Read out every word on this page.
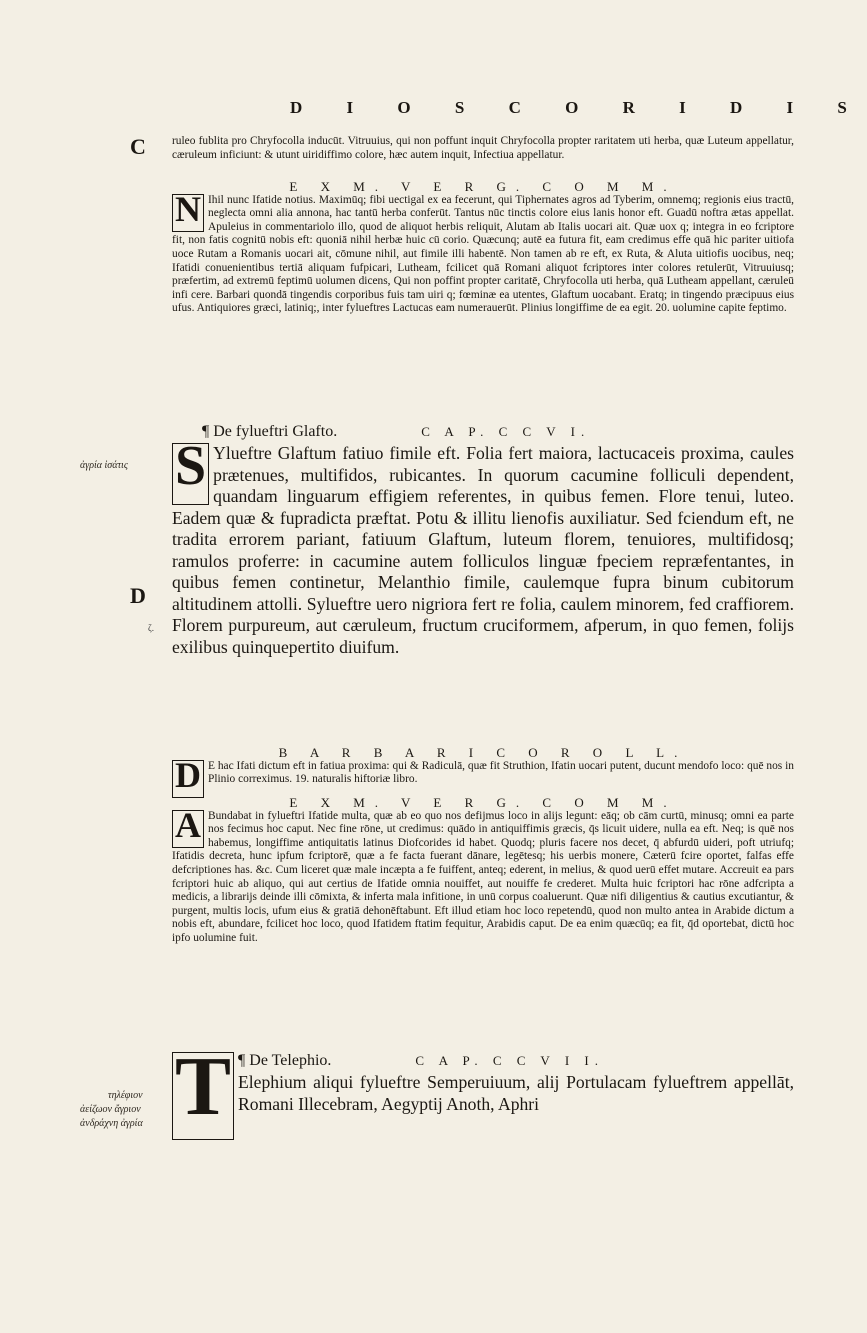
D I O S C O R I D I S
C
D
ἀγρία ἰσάτις
ζ.
τηλέφιον
ἀείζωον ἄγριον
ἀνδράχνη ἀγρία

ruleo fublita pro Chryfocolla inducūt. Vitruuius, qui non poffunt inquit Chryfocolla propter raritatem uti herba, quæ Luteum appellatur, cæruleum inficiunt: & utunt uiridiffimo colore, hæc autem inquit, Infectiua appellatur.

E X M. V E R G. C O M M.
N Ihil nunc Ifatide notius. Maximūq; fibi uectigal ex ea fecerunt, qui Tiphernates agros ad Tyberim, omnemq; regionis eius tractū, neglecta omni alia annona, hac tantū herba conferūt. Tantus nūc tinctis colore eius lanis honor eft. Guadū noftra ætas appellat. Apuleius in commentariolo illo, quod de aliquot herbis reliquit, Alutam ab Italis uocari ait. Quæ uox q; integra in eo fcriptore fit, non fatis cognitū nobis eft: quoniā nihil herbæ huic cū corio. Quæcunq; autē ea futura fit, eam credimus effe quā hic pariter uitiofa uoce Rutam a Romanis uocari ait, cōmune nihil, aut fimile illi habentē. Non tamen ab re eft, ex Ruta, & Aluta uitiofis uocibus, neq; Ifatidi conuenientibus tertiā aliquam fufpicari, Lutheam, fcilicet quā Romani aliquot fcriptores inter colores retulerūt, Vitruuiusq; præfertim, ad extremū feptimū uolumen dicens, Qui non poffint propter caritatē, Chryfocolla uti herba, quā Lutheam appellant, cæruleū infi cere. Barbari quondā tingendis corporibus fuis tam uiri q; fœminæ ea utentes, Glaftum uocabant. Eratq; in tingendo præcipuus eius ufus. Antiquiores græci, latiniq;, inter fylueftres Lactucas eam numerauerūt. Plinius longiffime de ea egit. 20. uolumine capite feptimo.

¶ De fylueftri Glafto.	C A P. C C V I.
S Ylueftre Glaftum fatiuo fimile eft. Folia fert maiora, lactucaceis proxima, caules prætenues, multifidos, rubicantes. In quorum cacumine folliculi dependent, quandam linguarum effigiem referentes, in quibus femen. Flore tenui, luteo. Eadem quæ & fupradicta præftat. Potu & illitu lienofis auxiliatur. Sed fciendum eft, ne tradita errorem pariant, fatiuum Glaftum, luteum florem, tenuiores, multifidosq; ramulos proferre: in cacumine autem folliculos linguæ fpeciem repræfentantes, in quibus femen continetur, Melanthio fimile, caulemque fupra binum cubitorum altitudinem attolli. Sylueftre uero nigriora fert re folia, caulem minorem, fed craffiorem. Florem purpureum, aut cæruleum, fructum cruciformem, afperum, in quo femen, folijs exilibus quinquepertito diuifum.

B A R B A R I C O R O L L.
D E hac Ifati dictum eft in fatiua proxima: qui & Radiculā, quæ fit Struthion, Ifatin uocari putent, ducunt mendofo loco: quē nos in Plinio correximus. 19. naturalis hiftoriæ libro.

E X M. V E R G. C O M M.
A Bundabat in fylueftri Ifatide multa, quæ ab eo quo nos defijmus loco in alijs legunt: eāq; ob cām curtū, minusq; omni ea parte nos fecimus hoc caput. Nec fine rōne, ut credimus: quādo in antiquiffimis græcis, q̄s licuit uidere, nulla ea eft. Neq; is quē nos habemus, longiffime antiquitatis latinus Diofcorides id habet. Quodq; pluris facere nos decet, q̄ abfurdū uideri, poft utriufq; Ifatidis decreta, hunc ipfum fcriptorē, quæ a fe facta fuerant dānare, legētesq; his uerbis monere, Cæterū fcire oportet, falfas effe defcriptiones has. &c. Cum liceret quæ male incæpta a fe fuiffent, anteq; ederent, in melius, & quod uerū effet mutare. Accreuit ea pars fcriptori huic ab aliquo, qui aut certius de Ifatide omnia nouiffet, aut nouiffe fe crederet. Multa huic fcriptori hac rōne adfcripta a medicis, a librarijs deinde illi cōmixta, & inferta mala infitione, in unū corpus coaluerunt. Quæ nifi diligentius & cautius excutiantur, & purgent, multis locis, ufum eius & gratiā dehonēftabunt. Eft illud etiam hoc loco repetendū, quod non multo antea in Arabide dictum a nobis eft, abundare, fcilicet hoc loco, quod Ifatidem ftatim fequitur, Arabidis caput. De ea enim quæcūq; ea fit, q̄d oportebat, dictū hoc ipfo uolumine fuit.

T ¶ De Telephio.	C A P. C C V I I.

Elephium aliqui fylueftre Semperuiuum, alij Portulacam fylueftrem appellāt, Romani Illecebram, Aegyptij Anoth, Aphri
